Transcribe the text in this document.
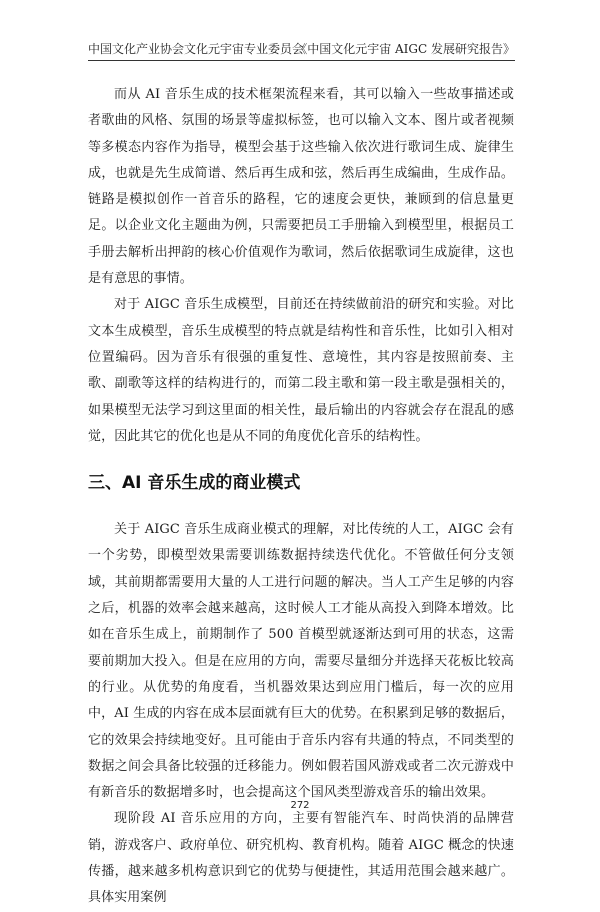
中国文化产业协会文化元宇宙专业委员会
《中国文化元宇宙 AIGC 发展研究报告》

而从 AI 音乐生成的技术框架流程来看，其可以输入一些故事描述或者歌曲的风格、氛围的场景等虚拟标签，也可以输入文本、图片或者视频等多模态内容作为指导，模型会基于这些输入依次进行歌词生成、旋律生成，也就是先生成简谱、然后再生成和弦，然后再生成编曲，生成作品。链路是模拟创作一首音乐的路程，它的速度会更快，兼顾到的信息量更足。以企业文化主题曲为例，只需要把员工手册输入到模型里，根据员工手册去解析出押韵的核心价值观作为歌词，然后依据歌词生成旋律，这也是有意思的事情。

对于 AIGC 音乐生成模型，目前还在持续做前沿的研究和实验。对比文本生成模型，音乐生成模型的特点就是结构性和音乐性，比如引入相对位置编码。因为音乐有很强的重复性、意境性，其内容是按照前奏、主歌、副歌等这样的结构进行的，而第二段主歌和第一段主歌是强相关的，如果模型无法学习到这里面的相关性，最后输出的内容就会存在混乱的感觉，因此其它的优化也是从不同的角度优化音乐的结构性。

三、AI 音乐生成的商业模式

关于 AIGC 音乐生成商业模式的理解，对比传统的人工，AIGC 会有一个劣势，即模型效果需要训练数据持续迭代优化。不管做任何分支领域，其前期都需要用大量的人工进行问题的解决。当人工产生足够的内容之后，机器的效率会越来越高，这时候人工才能从高投入到降本增效。比如在音乐生成上，前期制作了 500 首模型就逐渐达到可用的状态，这需要前期加大投入。但是在应用的方向，需要尽量细分并选择天花板比较高的行业。从优势的角度看，当机器效果达到应用门槛后，每一次的应用中，AI 生成的内容在成本层面就有巨大的优势。在积累到足够的数据后，它的效果会持续地变好。且可能由于音乐内容有共通的特点，不同类型的数据之间会具备比较强的迁移能力。例如假若国风游戏或者二次元游戏中有新音乐的数据增多时，也会提高这个国风类型游戏音乐的输出效果。

现阶段 AI 音乐应用的方向，主要有智能汽车、时尚快消的品牌营销，游戏客户、政府单位、研究机构、教育机构。随着 AIGC 概念的快速传播，越来越多机构意识到它的优势与便捷性，其适用范围会越来越广。具体实用案例

272
